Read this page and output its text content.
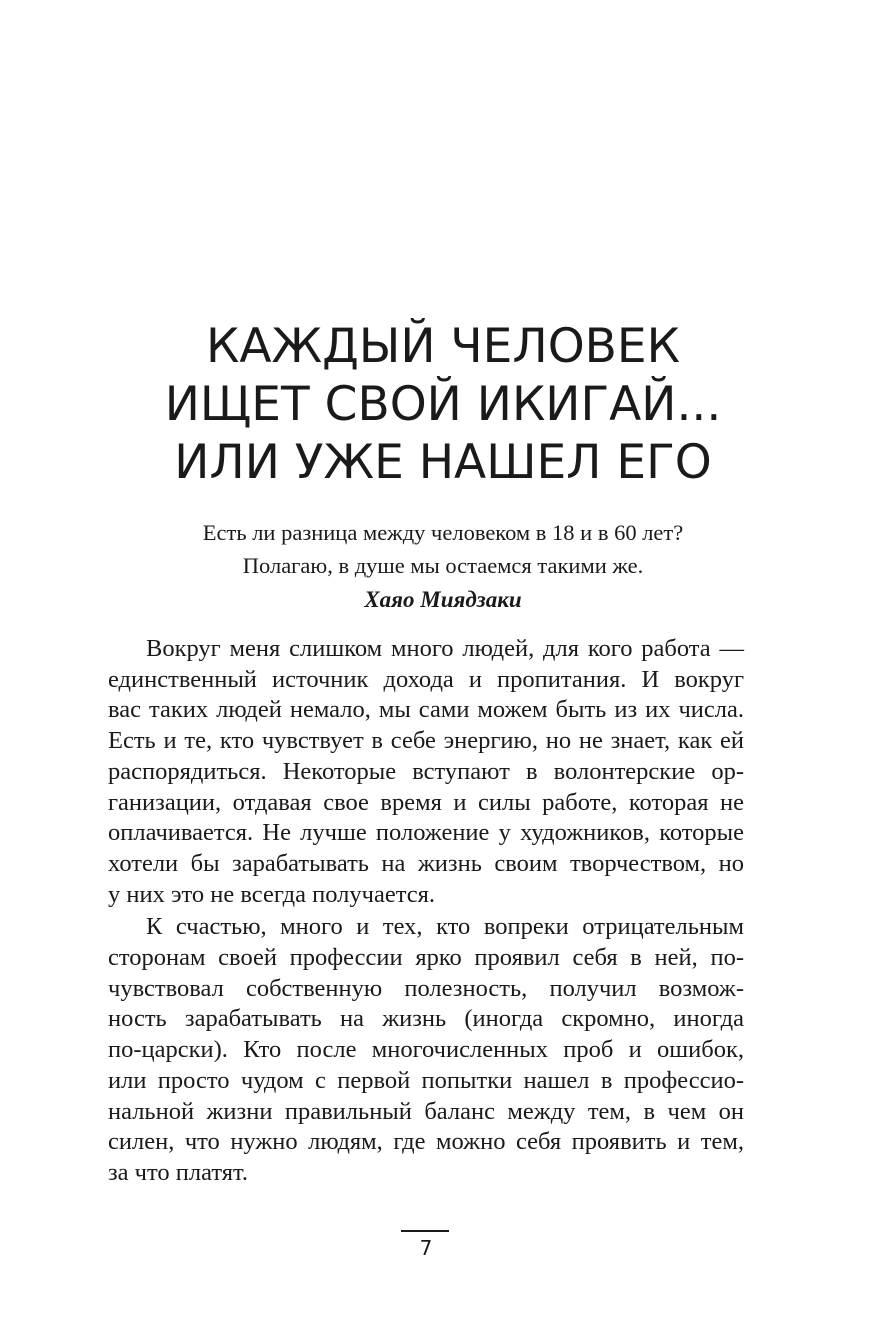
КАЖДЫЙ ЧЕЛОВЕК
ИЩЕТ СВОЙ ИКИГАЙ...
ИЛИ УЖЕ НАШЕЛ ЕГО
Есть ли разница между человеком в 18 и в 60 лет?
Полагаю, в душе мы остаемся такими же.
Хаяо Миядзаки
Вокруг меня слишком много людей, для кого работа —
единственный источник дохода и пропитания. И вокруг
вас таких людей немало, мы сами можем быть из их числа.
Есть и те, кто чувствует в себе энергию, но не знает, как ей
распорядиться. Некоторые вступают в волонтерские ор-
ганизации, отдавая свое время и силы работе, которая не
оплачивается. Не лучше положение у художников, которые
хотели бы зарабатывать на жизнь своим творчеством, но
у них это не всегда получается.
К счастью, много и тех, кто вопреки отрицательным
сторонам своей профессии ярко проявил себя в ней, по-
чувствовал собственную полезность, получил возмож-
ность зарабатывать на жизнь (иногда скромно, иногда
по-царски). Кто после многочисленных проб и ошибок,
или просто чудом с первой попытки нашел в профессио-
нальной жизни правильный баланс между тем, в чем он
силен, что нужно людям, где можно себя проявить и тем,
за что платят.
7
